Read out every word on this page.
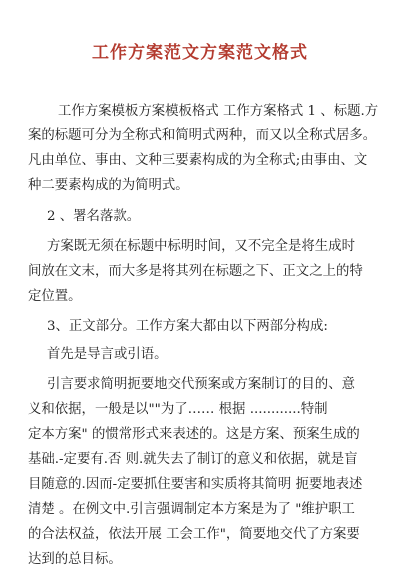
工作方案范文方案范文格式
工作方案模板方案模板格式 工作方案格式 1 、标题.方
案的标题可分为全称式和简明式两种，而又以全称式居多。
凡由单位、事由、文种三要素构成的为全称式;由事由、文
种二要素构成的为简明式。
2 、署名落款。
方案既无须在标题中标明时间，又不完全是将生成时
间放在文末，而大多是将其列在标题之下、正文之上的特
定位置。
3、正文部分。工作方案大都由以下两部分构成:
首先是导言或引语。
引言要求简明扼要地交代预案或方案制订的目的、意
义和依据，一般是以""为了…… 根据 ............特制
定本方案" 的惯常形式来表述的。这是方案、预案生成的
基础.-定要有.否 则.就失去了制订的意义和依据，就是盲
目随意的.因而-定要抓住要害和实质将其简明 扼要地表述
清楚 。在例文中.引言强调制定本方案是为了 "维护职工
的合法权益，依法开展 工会工作"，简要地交代了方案要
达到的总目标。
